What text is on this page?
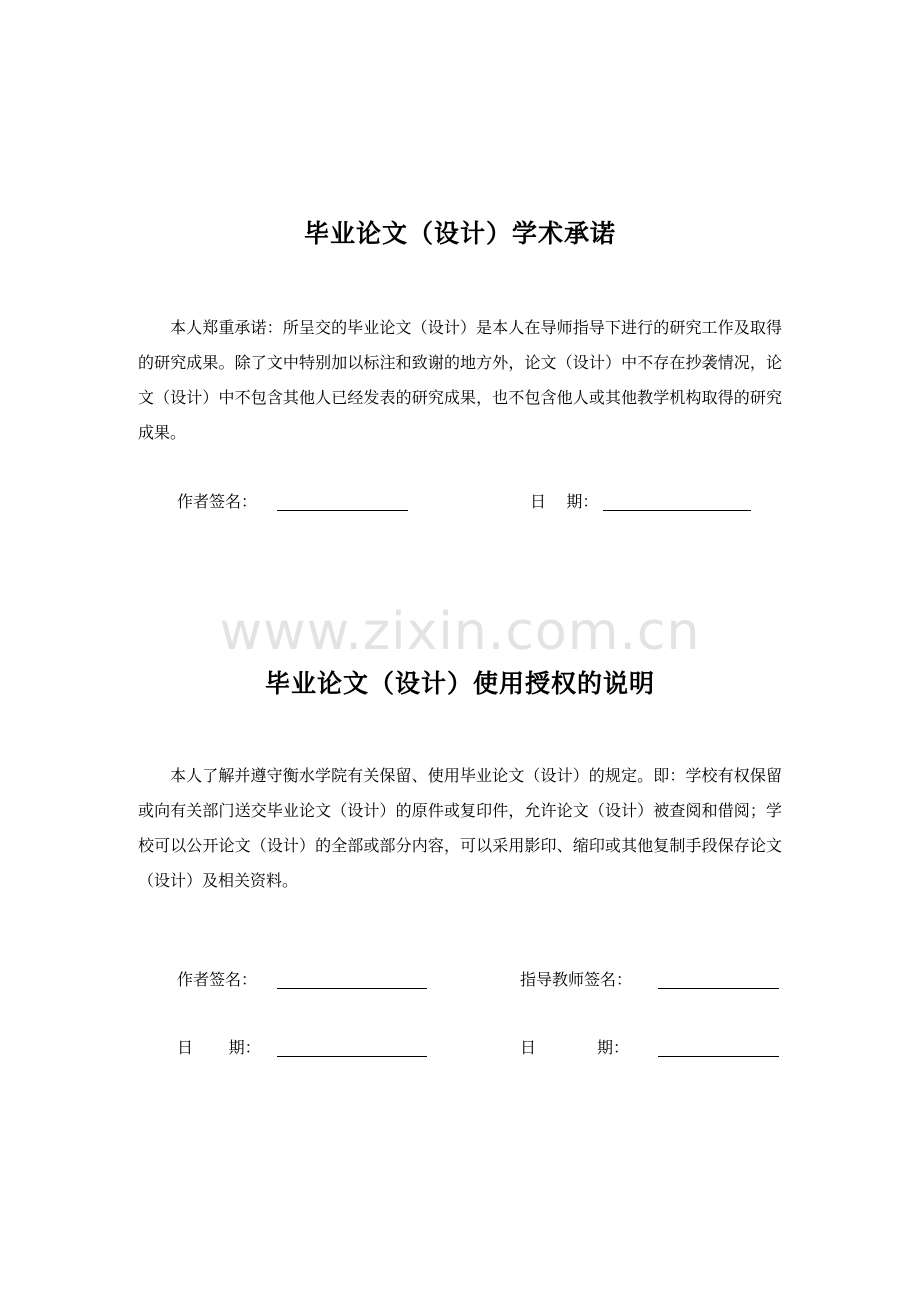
毕业论文（设计）学术承诺
本人郑重承诺：所呈交的毕业论文（设计）是本人在导师指导下进行的研究工作及取得的研究成果。除了文中特别加以标注和致谢的地方外，论文（设计）中不存在抄袭情况，论文（设计）中不包含其他人已经发表的研究成果，也不包含他人或其他教学机构取得的研究成果。
作者签名：	日    期：
www.zixin.com.cn
毕业论文（设计）使用授权的说明
本人了解并遵守衡水学院有关保留、使用毕业论文（设计）的规定。即：学校有权保留或向有关部门送交毕业论文（设计）的原件或复印件，允许论文（设计）被查阅和借阅；学校可以公开论文（设计）的全部或部分内容，可以采用影印、缩印或其他复制手段保存论文（设计）及相关资料。
作者签名：	指导教师签名：
日       期：	日            期：
